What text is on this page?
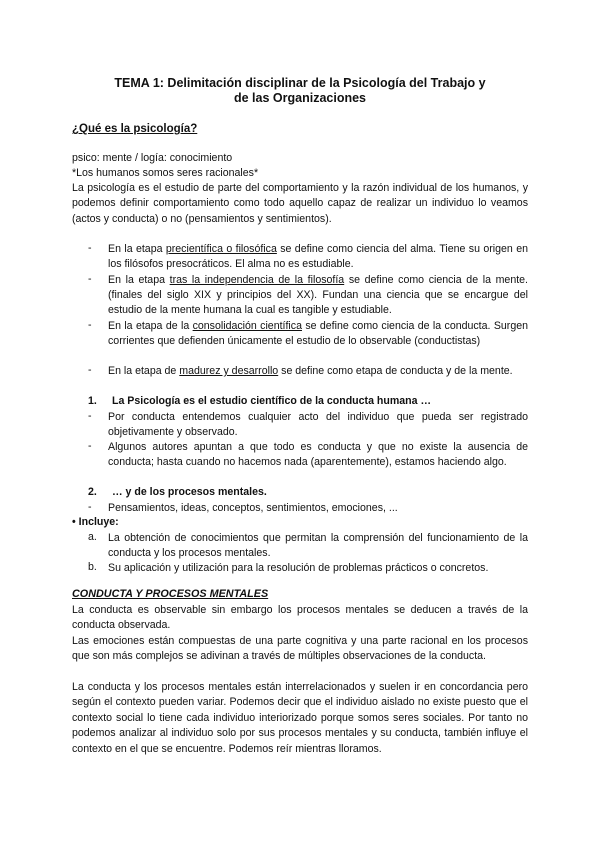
TEMA 1: Delimitación disciplinar de la Psicología del Trabajo y
de las Organizaciones
¿Qué es la psicología?
psico: mente / logía: conocimiento
*Los humanos somos seres racionales*
La psicología es el estudio de parte del comportamiento y la razón individual de los humanos, y podemos definir comportamiento como todo aquello capaz de realizar un individuo lo veamos (actos y conducta) o no (pensamientos y sentimientos).
- En la etapa precientífica o filosófica se define como ciencia del alma. Tiene su origen en los filósofos presocráticos. El alma no es estudiable.
- En la etapa tras la independencia de la filosofía se define como ciencia de la mente. (finales del siglo XIX y principios del XX). Fundan una ciencia que se encargue del estudio de la mente humana la cual es tangible y estudiable.
- En la etapa de la consolidación científica se define como ciencia de la conducta. Surgen corrientes que defienden únicamente el estudio de lo observable (conductistas)
- En la etapa de madurez y desarrollo se define como etapa de conducta y de la mente.
1. La Psicología es el estudio científico de la conducta humana …
- Por conducta entendemos cualquier acto del individuo que pueda ser registrado objetivamente y observado.
- Algunos autores apuntan a que todo es conducta y que no existe la ausencia de conducta; hasta cuando no hacemos nada (aparentemente), estamos haciendo algo.
2. … y de los procesos mentales.
- Pensamientos, ideas, conceptos, sentimientos, emociones, ...
• Incluye:
a. La obtención de conocimientos que permitan la comprensión del funcionamiento de la conducta y los procesos mentales.
b. Su aplicación y utilización para la resolución de problemas prácticos o concretos.
CONDUCTA Y PROCESOS MENTALES
La conducta es observable sin embargo los procesos mentales se deducen a través de la conducta observada.
Las emociones están compuestas de una parte cognitiva y una parte racional en los procesos que son más complejos se adivinan a través de múltiples observaciones de la conducta.
La conducta y los procesos mentales están interrelacionados y suelen ir en concordancia pero según el contexto pueden variar. Podemos decir que el individuo aislado no existe puesto que el contexto social lo tiene cada individuo interiorizado porque somos seres sociales. Por tanto no podemos analizar al individuo solo por sus procesos mentales y su conducta, también influye el contexto en el que se encuentre. Podemos reír mientras lloramos.
